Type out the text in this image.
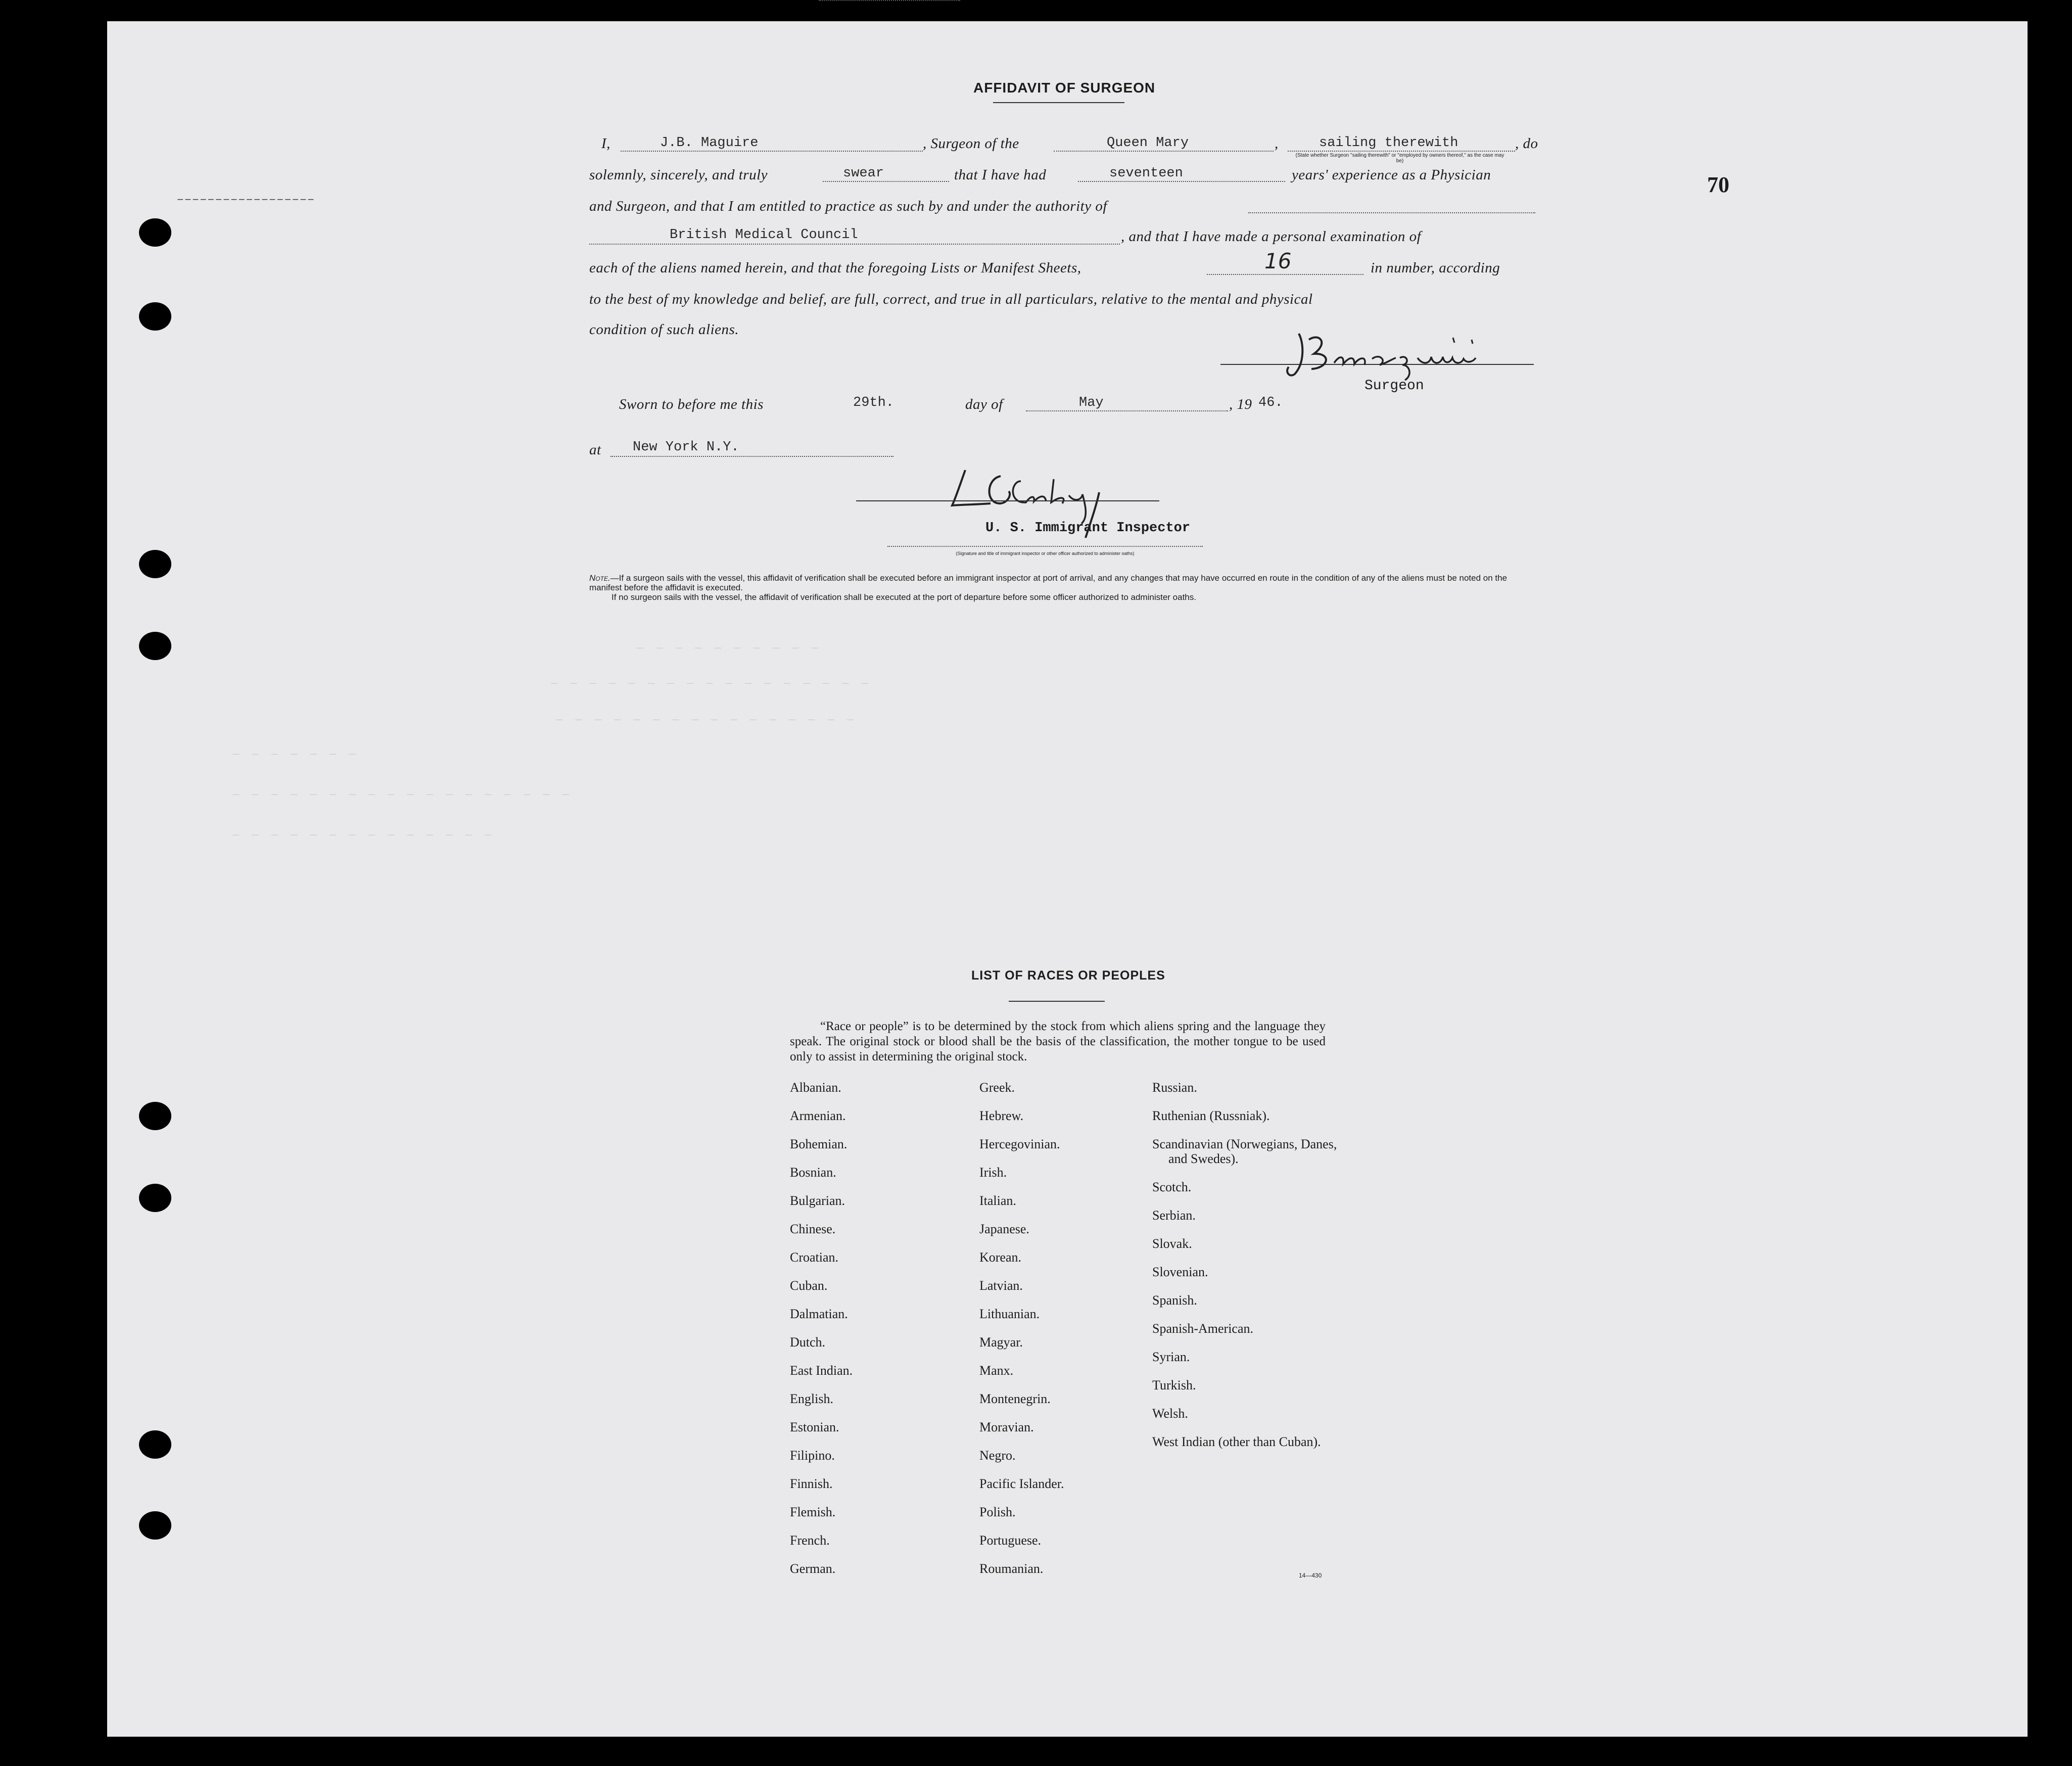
−−−−−−−−−−−−−−−−−−
70
— — — — — — — — — —
— — — — — — — — — — — — — — — — —
— — — — — — — — — — — — — — — —
— — — — — — —
— — — — — — — — — — — — — — — — — —
— — — — — — — — — — — — — —
AFFIDAVIT OF SURGEON
I,	J.B. Maguire	, Surgeon of the	Queen Mary	,	sailing therewith	, do
(State whether Surgeon "sailing therewith" or "employed by owners thereof," as the case may be)
solemnly, sincerely, and truly	swear	that I have had	seventeen	years' experience as a Physician
and Surgeon, and that I am entitled to practice as such by and under the authority of
British Medical Council	, and that I have made a personal examination of
each of the aliens named herein, and that the foregoing Lists or Manifest Sheets,	16	in number, according
to the best of my knowledge and belief, are full, correct, and true in all particulars, relative to the mental and physical
condition of such aliens.
Surgeon
Sworn to before me this	29th.	day of	May	, 19 46.
at New York N.Y.
U. S. Immigrant Inspector
(Signature and title of immigrant inspector or other officer authorized to administer oaths)
Note.—If a surgeon sails with the vessel, this affidavit of verification shall be executed before an immigrant inspector at port of arrival, and any changes that may have occurred en route in the condition of any of the aliens must be noted on the manifest before the affidavit is executed.
If no surgeon sails with the vessel, the affidavit of verification shall be executed at the port of departure before some officer authorized to administer oaths.
LIST OF RACES OR PEOPLES
“Race or people” is to be determined by the stock from which aliens spring and the language they speak. The original stock or blood shall be the basis of the classification, the mother tongue to be used only to assist in determining the original stock.
Albanian.
Armenian.
Bohemian.
Bosnian.
Bulgarian.
Chinese.
Croatian.
Cuban.
Dalmatian.
Dutch.
East Indian.
English.
Estonian.
Filipino.
Finnish.
Flemish.
French.
German.
Greek.
Hebrew.
Hercegovinian.
Irish.
Italian.
Japanese.
Korean.
Latvian.
Lithuanian.
Magyar.
Manx.
Montenegrin.
Moravian.
Negro.
Pacific Islander.
Polish.
Portuguese.
Roumanian.
Russian.
Ruthenian (Russniak).
Scandinavian (Norwegians, Danes, and Swedes).
Scotch.
Serbian.
Slovak.
Slovenian.
Spanish.
Spanish-American.
Syrian.
Turkish.
Welsh.
West Indian (other than Cuban).
14—430
